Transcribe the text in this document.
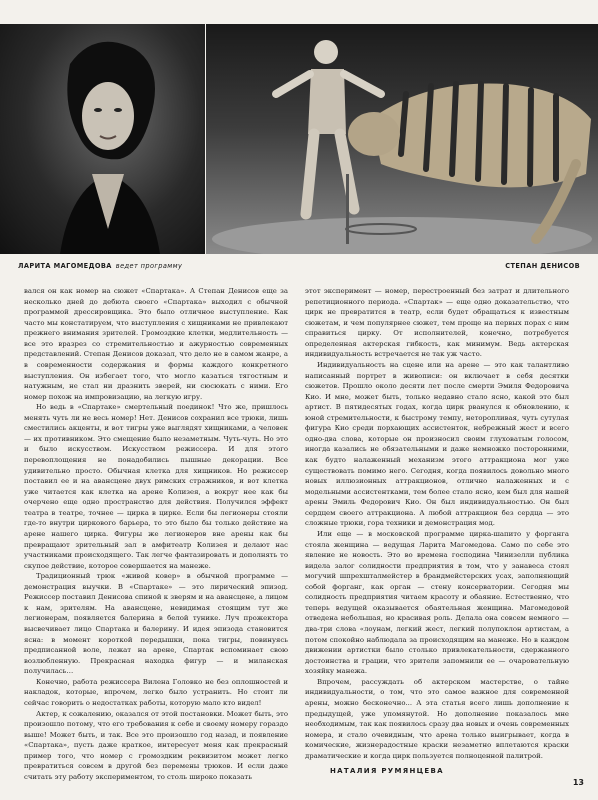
ЛАРИТА МАГОМЕДОВА ведет программу	СТЕПАН ДЕНИСОВ

вался он как номер на сюжет «Спартака». А Степан Денисов еще за несколько дней до дебюта своего «Спартака» выходил с обычной программой дрессировщика. Это было отличное выступление. Как часто мы констатируем, что выступления с хищниками не привлекают прежнего внимания зрителей. Громоздкие клетки, медлительность — все это вразрез со стремительностью и ажурностью современных представлений. Степан Денисов доказал, что дело не в самом жанре, а в современности содержания и формы каждого конкретного выступления. Он избегает того, что могло казаться тягостным и натужным, не стал ни дразнить зверей, ни сюсюкать с ними. Его номер похож на импровизацию, на легкую игру.

Но ведь в «Спартаке» смертельный поединок! Что же, пришлось менять чуть ли не весь номер! Нет. Денисов сохранил все трюки, лишь сместились акценты, и вот тигры уже выглядят хищниками, а человек — их противником. Это смещение было незаметным. Чуть-чуть. Но это и было искусством. Искусством режиссера. И для этого перевоплощения не понадобились пышные декорации. Все удивительно просто. Обычная клетка для хищников. Но режиссер поставил ее и на авансцене двух римских стражников, и вот клетка уже читается как клетка на арене Колизея, а вокруг нее как бы очерчено еще одно пространство для действия. Получился эффект театра в театре, точнее — цирка в цирке. Если бы легионеры стояли где-то внутри циркового барьера, то это было бы только действие на арене нашего цирка. Фигуры же легионеров вне арены как бы превращают зрительный зал в амфитеатр Колизея и делают нас участниками происходящего. Так легче фантазировать и дополнять то скупое действие, которое совершается на манеже.

Традиционный трюк «живой ковер» в обычной программе — демонстрация выучки. В «Спартаке» — это лирический эпизод. Режиссер поставил Денисова спиной к зверям и на авансцене, а лицом к нам, зрителям. На авансцене, невидимая стоящим тут же легионерам, появляется балерина в белой тунике. Луч прожектора высвечивает лицо Спартака и балерину. И идея эпизода становится ясна: в момент короткой передышки, пока тигры, повинуясь предписанной воле, лежат на арене, Спартак вспоминает свою возлюбленную. Прекрасная находка фигур — и миланская получилась…

Конечно, работа режиссера Вилена Головко не без оплошностей и накладок, которые, впрочем, легко было устранить. Но стоит ли сейчас говорить о недостатках работы, которую мало кто видел!

Актер, к сожалению, оказался от этой постановки. Может быть, это произошло потому, что его требования к себе и своему номеру гораздо выше! Может быть, и так. Все это произошло год назад, и появление «Спартака», пусть даже краткое, интересует меня как прекрасный пример того, что номер с громоздким реквизитом может легко превратиться совсем в другой без перемены трюков. И если даже считать эту работу экспериментом, то столь широко показать

этот эксперимент — номер, перестроенный без затрат и длительного репетиционного периода. «Спартак» — еще одно доказательство, что цирк не превратится в театр, если будет обращаться к известным сюжетам, и чем популярнее сюжет, тем проще на первых порах с ним справиться цирку. От исполнителей, конечно, потребуется определенная актерская гибкость, как минимум. Ведь актерская индивидуальность встречается не так уж часто.

Индивидуальность на сцене или на арене — это как талантливо написанный портрет в живописи: он включает в себя десятки сюжетов. Прошло около десяти лет после смерти Эмиля Федоровича Кио. И мне, может быть, только недавно стало ясно, какой это был артист. В пятидесятых годах, когда цирк рванулся к обновлению, к юной стремительности, к быстрому темпу, неторопливая, чуть сутулая фигура Кио среди порхающих ассистенток, небрежный жест и всего одно-два слова, которые он произносил своим глуховатым голосом, иногда казались не обязательными и даже немножко посторонними, как будто налаженный механизм этого аттракциона мог уже существовать помимо него. Сегодня, когда появилось довольно много новых иллюзионных аттракционов, отлично налаженных и с модельными ассистентками, тем более стало ясно, кем был для нашей арены Эмиль Федорович Кио. Он был индивидуальностью. Он был сердцем своего аттракциона. А любой аттракцион без сердца — это сложные трюки, гора техники и демонстрация мод.

Или еще — в московской программе цирка-шапито у форганга стояла женщина — ведущая Ларита Магомедова. Само по себе это явление не новость. Это во времена господина Чинизелли публика видела залог солидности предприятия в том, что у занавеса стоял могучий шпрехшталмейстер в брандмейстерских усах, заполняющий собой форганг, как орган — стену консерватории. Сегодня мы солидность предприятия читаем красоту и обаяние. Естественно, что теперь ведущей оказывается обаятельная женщина. Магомедовой отведена небольшая, но красивая роль. Делала она совсем немного — два-три слова «лоунам, легкий жест, легкий полупоклон артистам, а потом спокойно наблюдала за происходящим на манеже. Но в каждом движении артистки было столько привлекательности, сдержанного достоинства и грации, что зрители запомнили ее — очаровательную хозяйку манежа.

Впрочем, рассуждать об актерском мастерстве, о тайне индивидуальности, о том, что это самое важное для современной арены, можно бесконечно... А эта статья всего лишь дополнение к предыдущей, уже упомянутой. Но дополнение показалось мне необходимым, так как появилось сразу два новых и очень современных номера, и стало очевидным, что арена только выигрывает, когда в комические, жизнерадостные краски незаметно вплетаются краски драматические и когда цирк пользуется полноценной палитрой.

НАТАЛИЯ РУМЯНЦЕВА
13
